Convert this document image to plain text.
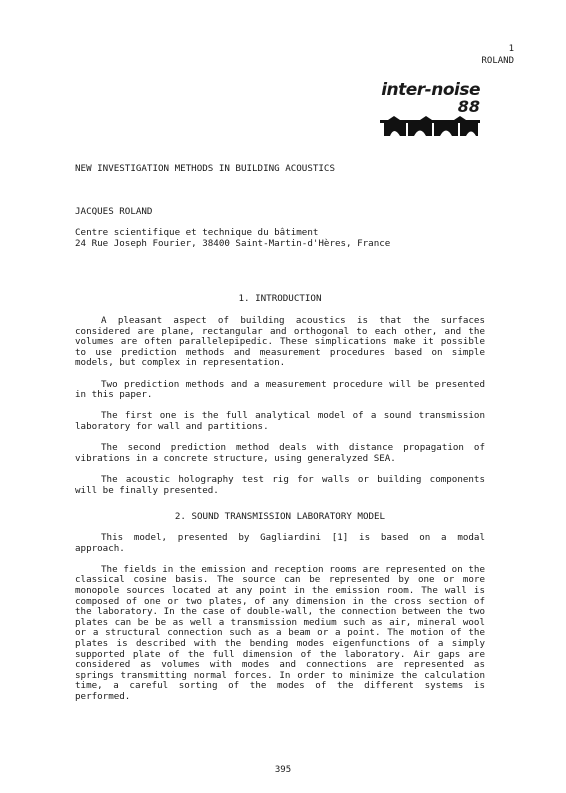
1
ROLAND
inter-noise
88
NEW INVESTIGATION METHODS IN BUILDING ACOUSTICS
JACQUES ROLAND
Centre scientifique et technique du bâtiment
24 Rue Joseph Fourier, 38400 Saint-Martin-d'Hères, France
1. INTRODUCTION

A pleasant aspect of building acoustics is that the surfaces considered are plane, rectangular and orthogonal to each other, and the volumes are often parallelepipedic. These simplications make it possible to use prediction methods and measurement procedures based on simple models, but complex in representation.

Two prediction methods and a measurement procedure will be presented in this paper.

The first one is the full analytical model of a sound transmission laboratory for wall and partitions.

The second prediction method deals with distance propagation of vibrations in a concrete structure, using generalyzed SEA.

The acoustic holography test rig for walls or building components will be finally presented.

2. SOUND TRANSMISSION LABORATORY MODEL

This model, presented by Gagliardini [1] is based on a modal approach.

The fields in the emission and reception rooms are represented on the classical cosine basis. The source can be represented by one or more monopole sources located at any point in the emission room. The wall is composed of one or two plates, of any dimension in the cross section of the laboratory. In the case of double-wall, the connection between the two plates can be be as well a transmission medium such as air, mineral wool or a structural connection such as a beam or a point. The motion of the plates is described with the bending modes eigenfunctions of a simply supported plate of the full dimension of the laboratory. Air gaps are considered as volumes with modes and connections are represented as springs transmitting normal forces. In order to minimize the calculation time, a careful sorting of the modes of the different systems is performed.

395
